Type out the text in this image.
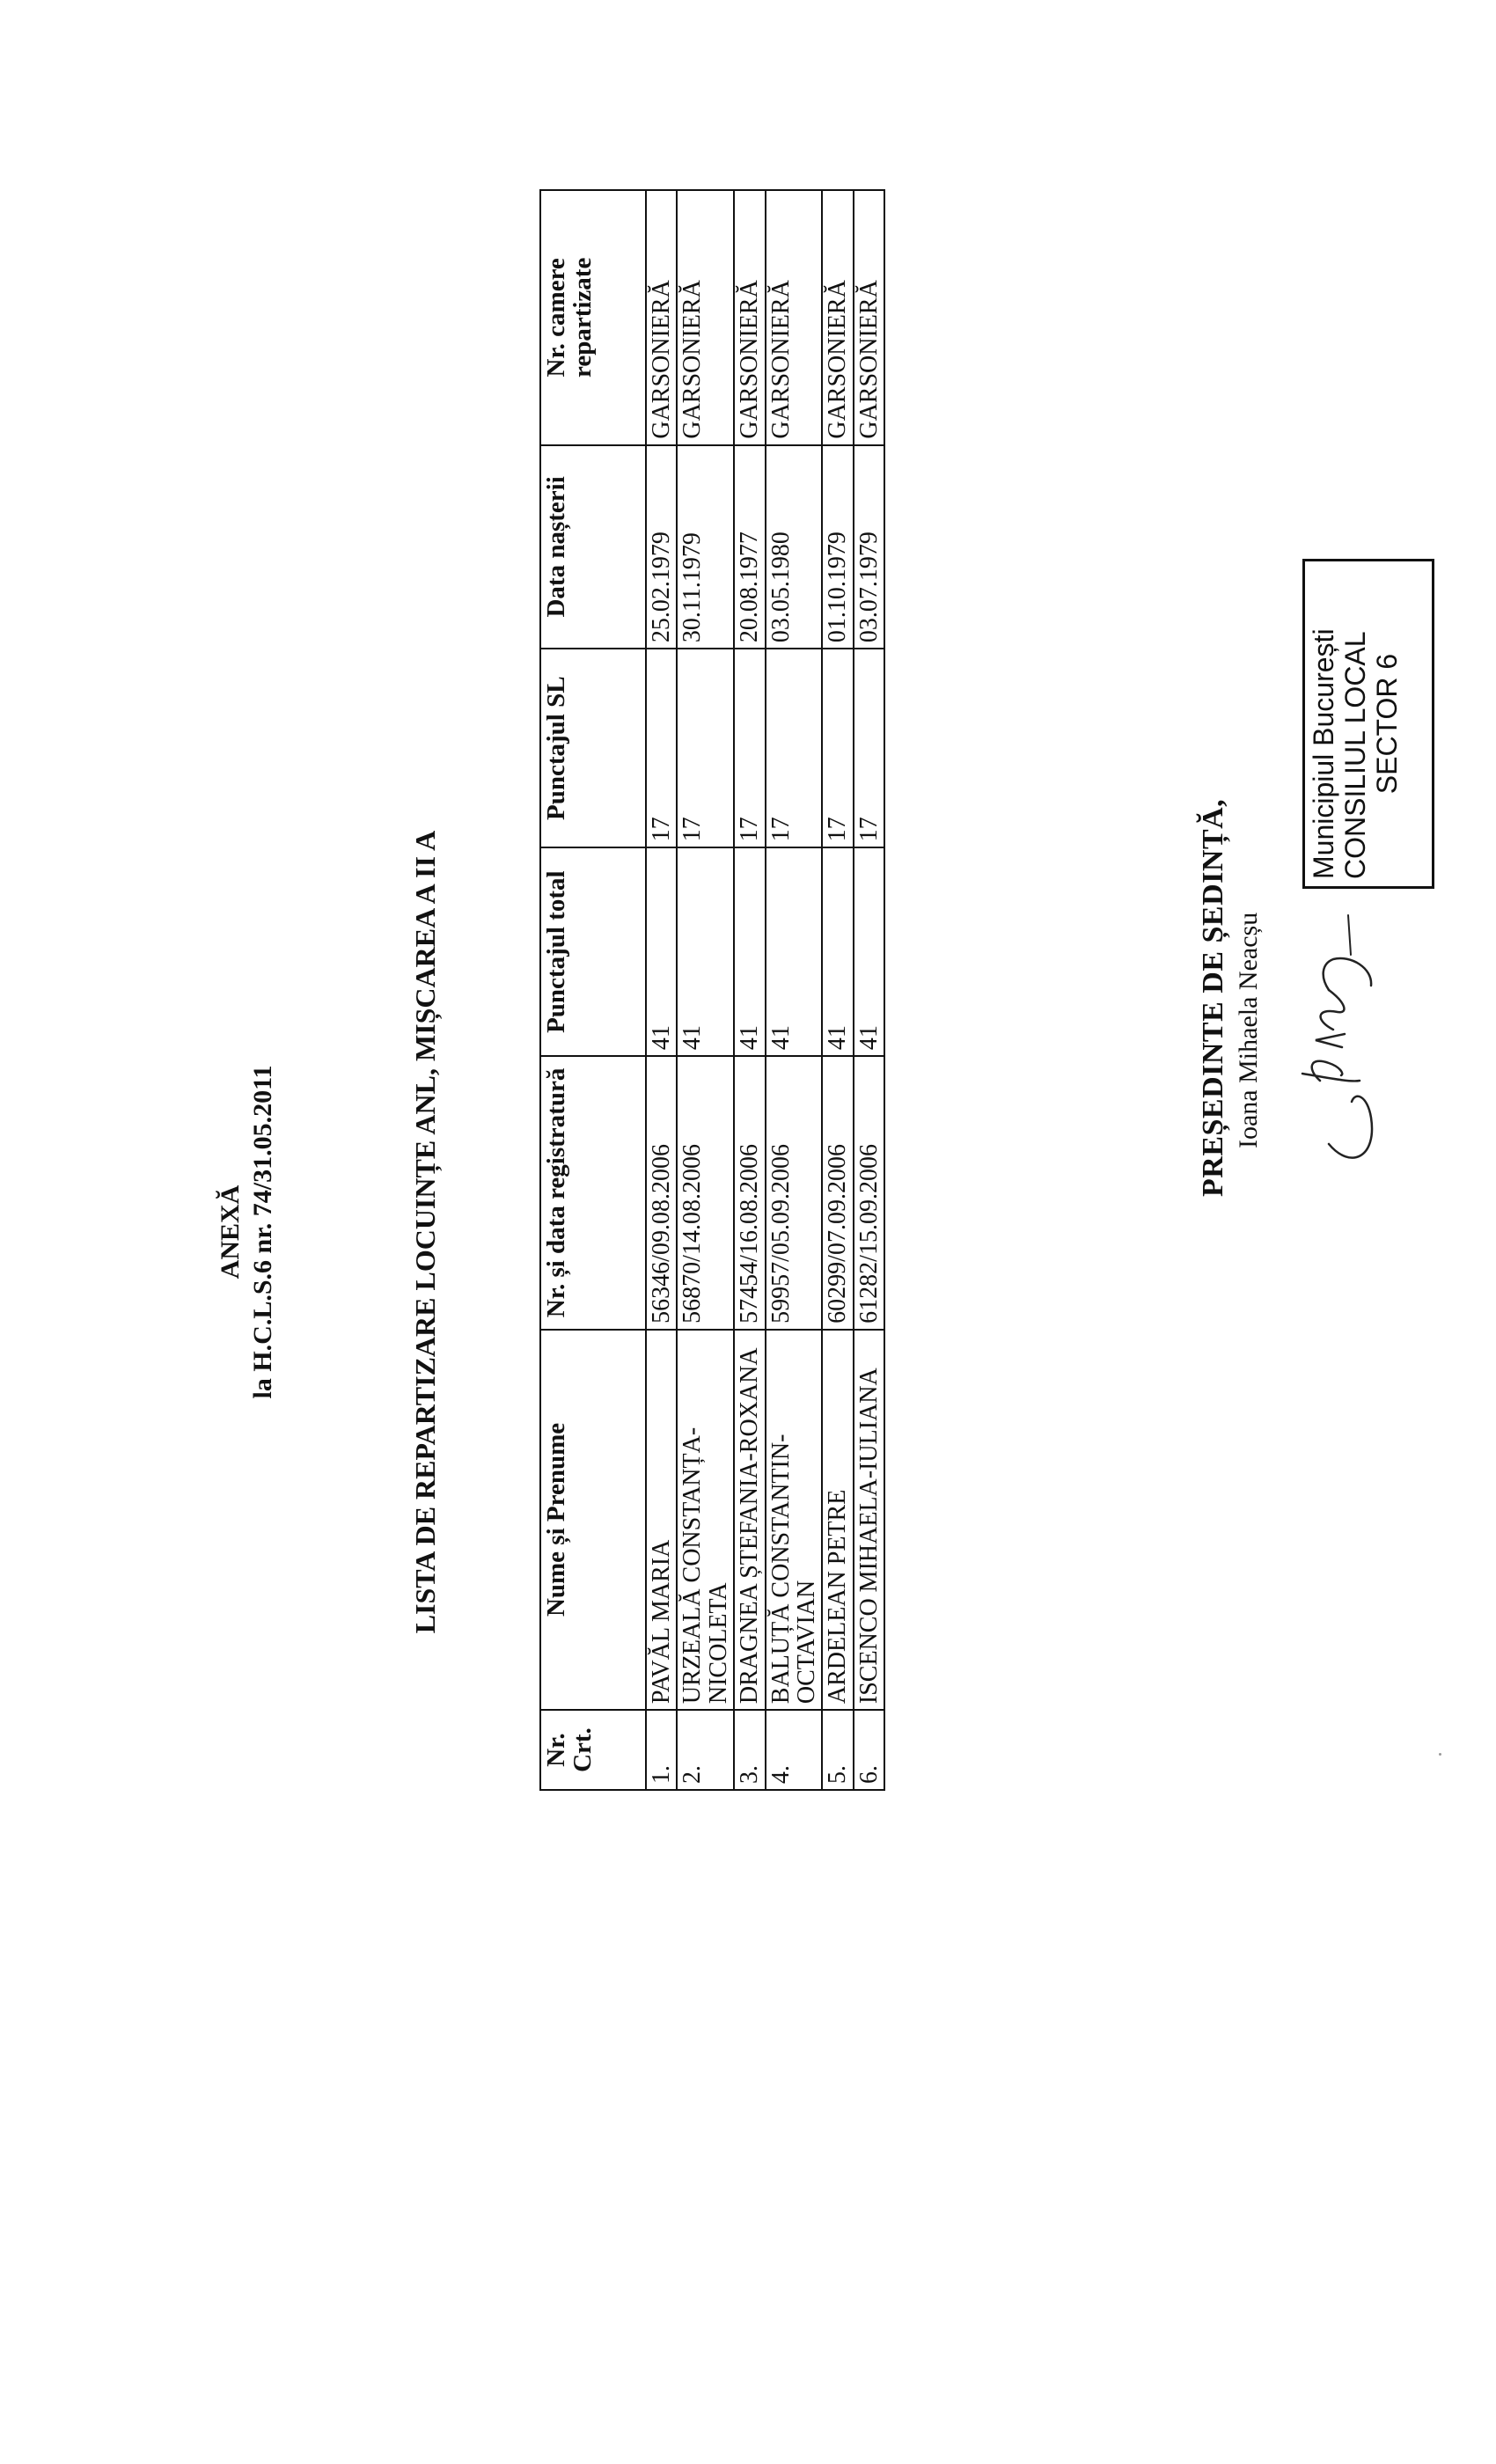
ANEXĂ la H.C.L.S.6 nr. 74/31.05.2011	LISTA DE REPARTIZARE LOCUINȚE ANL, MIȘCAREA A II A
Nr. Crt.	Nume și Prenume	Nr. și data registratură	Punctajul total	Punctajul SL	Data nașterii	Nr. camere repartizate
1.	PAVĂL MARIA	56346/09.08.2006	41	17	25.02.1979	GARSONIERĂ
2.	URZEALĂ CONSTANȚA-NICOLETA	56870/14.08.2006	41	17	30.11.1979	GARSONIERĂ
3.	DRAGNEA ȘTEFANIA-ROXANA	57454/16.08.2006	41	17	20.08.1977	GARSONIERĂ
4.	BALUȚĂ CONSTANTIN-OCTAVIAN	59957/05.09.2006	41	17	03.05.1980	GARSONIERĂ
5.	ARDELEAN PETRE	60299/07.09.2006	41	17	01.10.1979	GARSONIERĂ
6.	ISCENCO MIHAELA-IULIANA	61282/15.09.2006	41	17	03.07.1979	GARSONIERĂ
PREȘEDINTE DE ȘEDINȚĂ, Ioana Mihaela Neacșu
Municipiul București CONSILIUL LOCAL SECTOR 6
